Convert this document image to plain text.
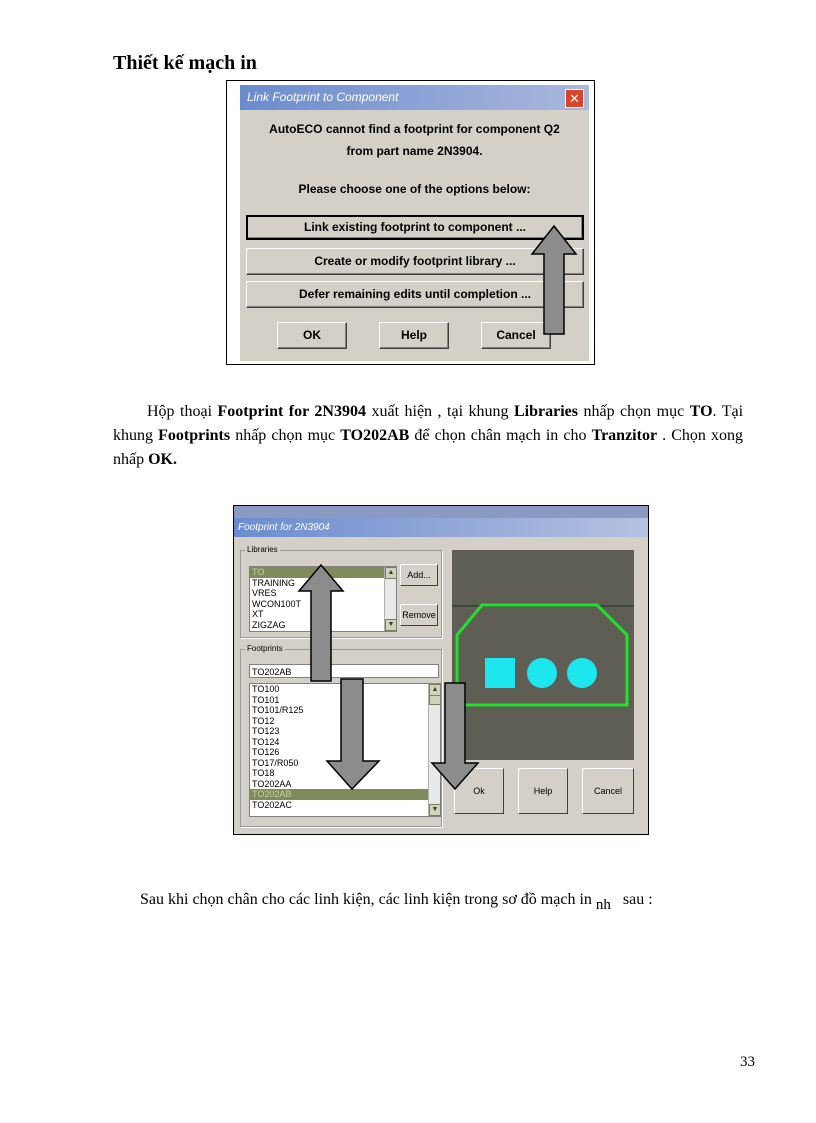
Thiết kế mạch in
Link Footprint to Component	✕
AutoECO cannot find a footprint for component Q2
from part name 2N3904.
Please choose one of the options below:
Link existing footprint to component ...
Create or modify footprint library ...
Defer remaining edits until completion ...
OK	Help	Cancel
Hộp thoại Footprint for 2N3904 xuất hiện , tại khung Libraries nhấp chọn mục TO. Tại khung Footprints nhấp chọn mục TO202AB để chọn chân mạch in cho Tranzitor . Chọn xong nhấp OK.
Footprint for 2N3904
Libraries
TO
TRAINING
VRES
WCON100T
XT
ZIGZAG
▲
▼
Add...
Remove
Footprints
TO202AB
TO100
TO101
TO101/R125
TO12
TO123
TO124
TO126
TO17/R050
TO18
TO202AA
TO202AB
TO202AC
▲
▼
Ok	Help	Cancel
Sau khi chọn chân cho các linh kiện, các linh kiện trong sơ đồ mạch in $_{nh}$   sau :
33
